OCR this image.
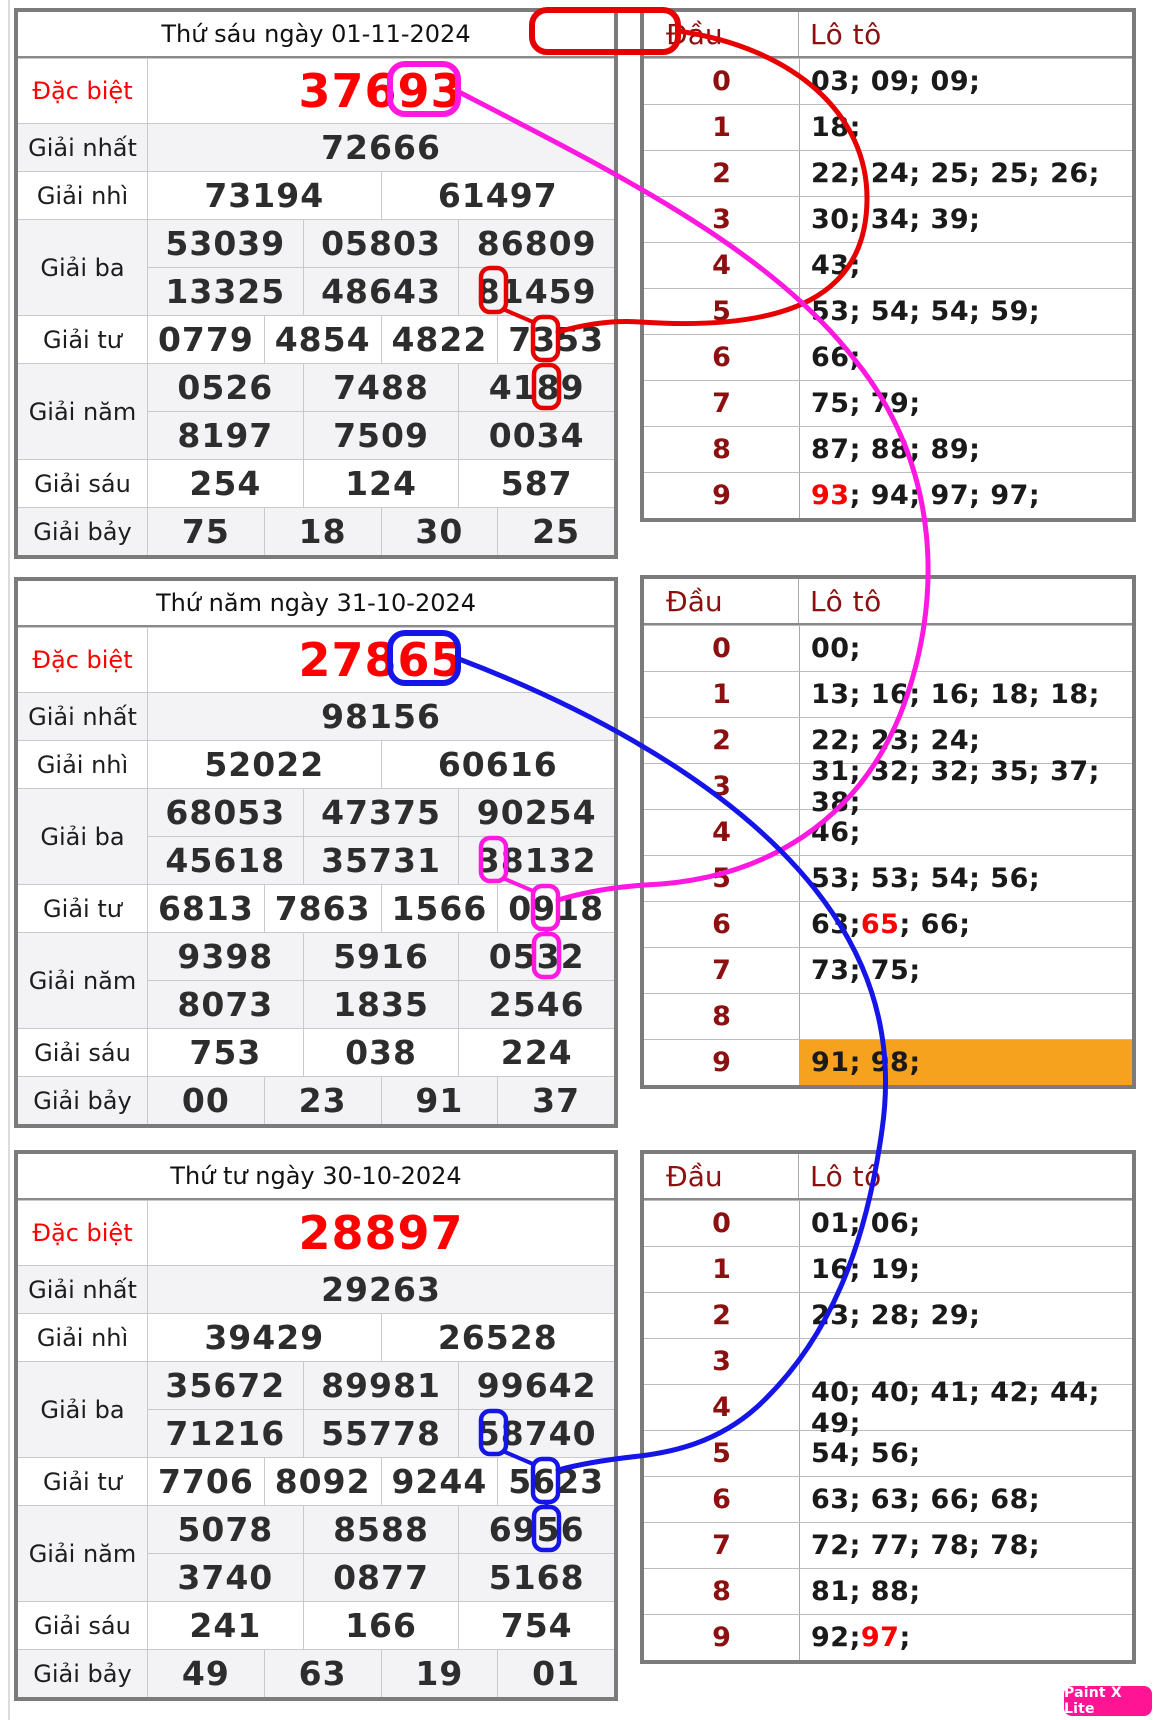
Thứ sáu ngày 01-11-2024
Đặc biệt	37693
Giải nhất	72666
Giải nhì	73194	61497
Giải ba
53039	05803	86809
13325	48643	81459
Giải tư	0779 4854 4822 7353
Giải năm
0526	7488	4189
8197	7509	0034
Giải sáu	254	124	587
Giải bảy	75	18	30	25
Thứ năm ngày 31-10-2024
Đặc biệt	27865
Giải nhất	98156
Giải nhì	52022	60616
Giải ba
68053	47375	90254
45618	35731	38132
Giải tư	6813 7863 1566 0918
Giải năm
9398	5916	0532
8073	1835	2546
Giải sáu	753	038	224
Giải bảy	00	23	91	37
Thứ tư ngày 30-10-2024
Đặc biệt	28897
Giải nhất	29263
Giải nhì	39429	26528
Giải ba
35672	89981	99642
71216	55778	58740
Giải tư	7706 8092 9244 5623
Giải năm
5078	8588	6956
3740	0877	5168
Giải sáu	241	166	754
Giải bảy	49	63	19	01
Đầu	Lô tô
0	03; 09; 09;
1	18;
2	22; 24; 25; 25; 26;
3	30; 34; 39;
4	43;
5	53; 54; 54; 59;
6	66;
7	75; 79;
8	87; 88; 89;
9	93 ; 94; 97; 97;
Đầu	Lô tô
0	00;
1	13; 16; 16; 18; 18;
2	22; 23; 24;
3	31; 32; 32; 35; 37; 38;
4	46;
5	53; 53; 54; 56;
6	63; 65 ; 66;
7	73; 75;
8
9	91; 98;
Đầu	Lô tô
0	01; 06;
1	16; 19;
2	23; 28; 29;
3
4	40; 40; 41; 42; 44; 49;
5	54; 56;
6	63; 63; 66; 68;
7	72; 77; 78; 78;
8	81; 88;
9	92; 97 ;
Paint X Lite
